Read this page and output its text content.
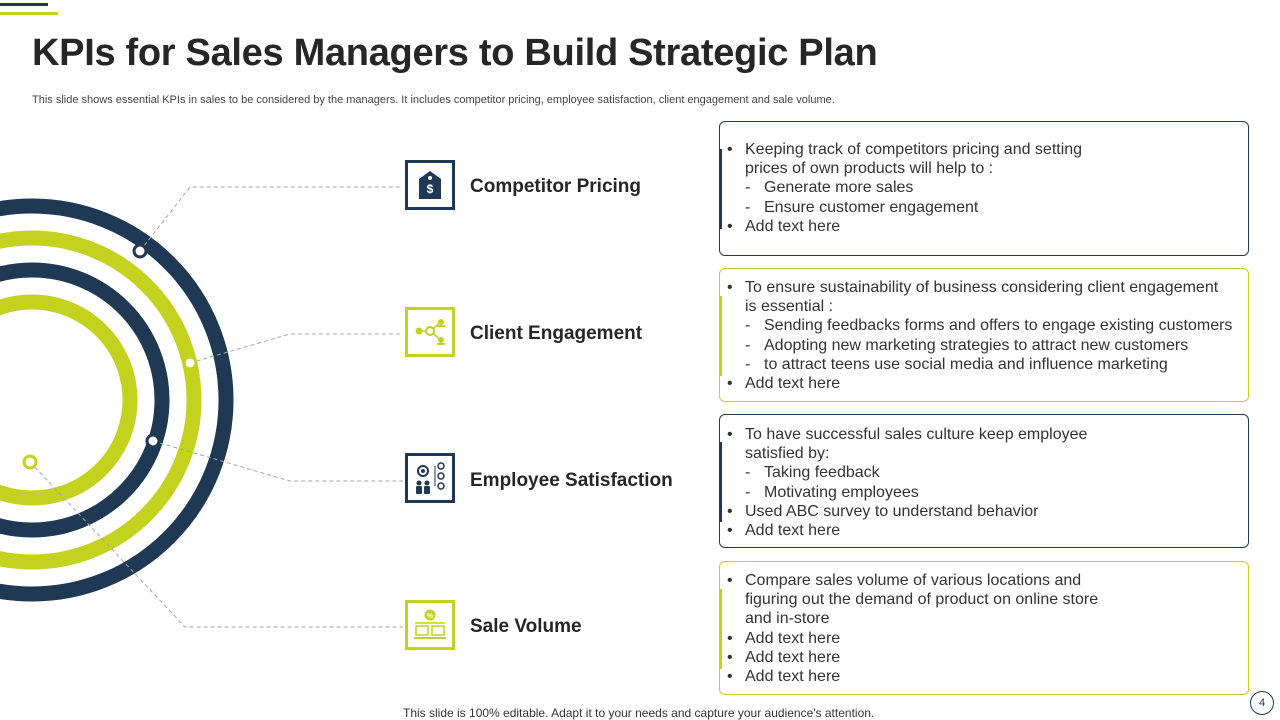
KPIs for Sales Managers to Build Strategic Plan

This slide shows essential KPIs in sales to be considered by the managers. It includes competitor pricing, employee satisfaction, client engagement and sale volume.

$ Competitor Pricing
Client Engagement
Employee Satisfaction
% Sale Volume
• Keeping track of competitors pricing and setting
prices of own products will help to :
- Generate more sales
- Ensure customer engagement
• Add text here
• To ensure sustainability of business considering client engagement
is essential :
- Sending feedbacks forms and offers to engage existing customers
- Adopting new marketing strategies to attract new customers
- to attract teens use social media and influence marketing
• Add text here
• To have successful sales culture keep employee
satisfied by:
- Taking feedback
- Motivating employees
• Used ABC survey to understand behavior
• Add text here
• Compare sales volume of various locations and
figuring out the demand of product on online store
and in-store
• Add text here
• Add text here
• Add text here
This slide is 100% editable. Adapt it to your needs and capture your audience's attention.
4
